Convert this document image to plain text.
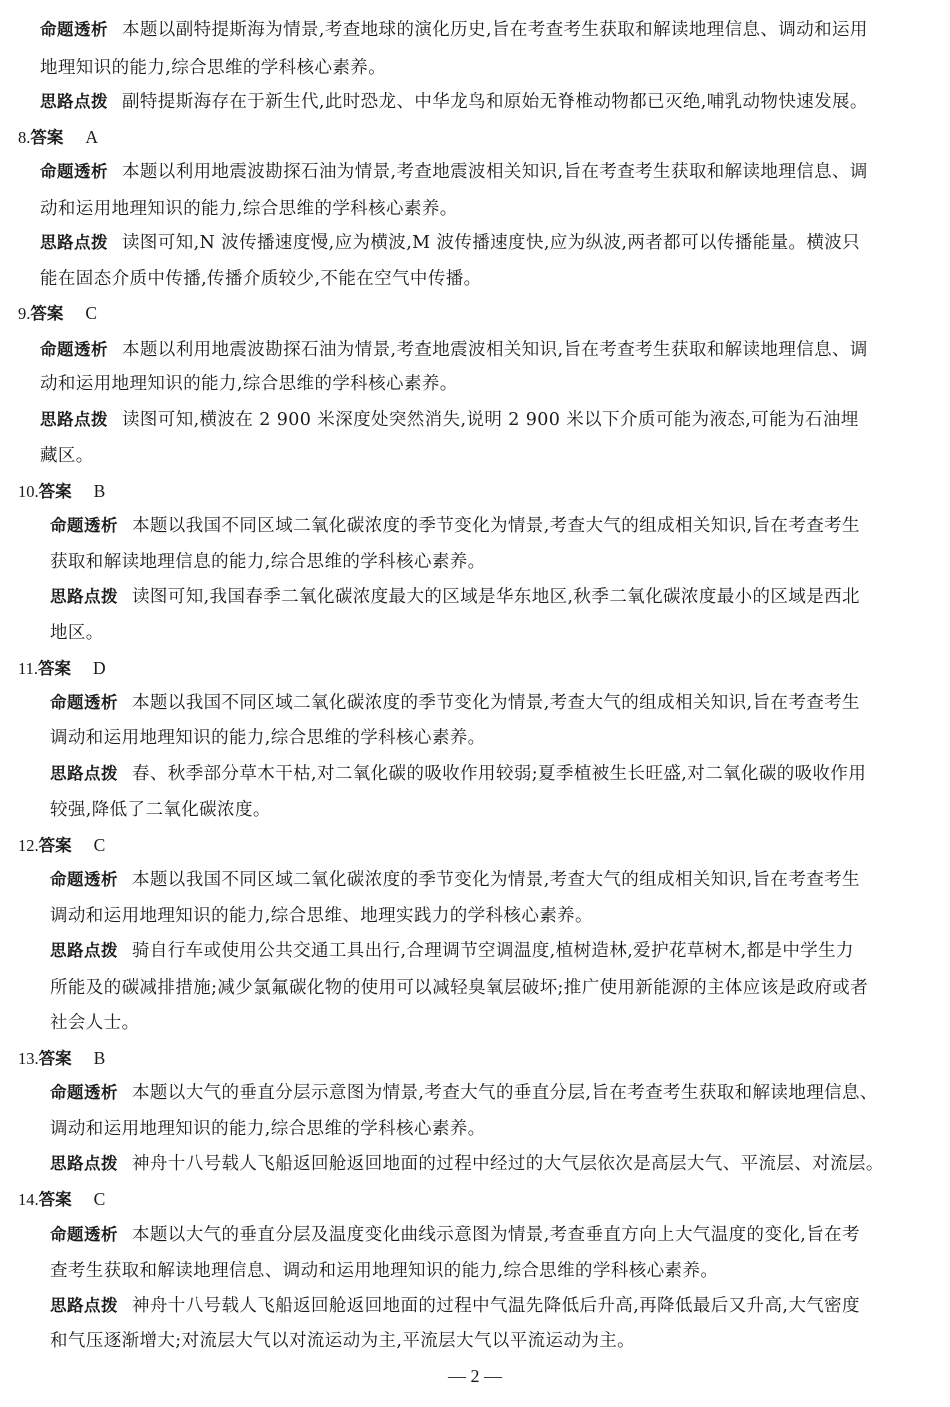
命题透析 本题以副特提斯海为情景,考查地球的演化历史,旨在考查考生获取和解读地理信息、调动和运用
地理知识的能力,综合思维的学科核心素养。
思路点拨 副特提斯海存在于新生代,此时恐龙、中华龙鸟和原始无脊椎动物都已灭绝,哺乳动物快速发展。
8.答案 A
命题透析 本题以利用地震波勘探石油为情景,考查地震波相关知识,旨在考查考生获取和解读地理信息、调
动和运用地理知识的能力,综合思维的学科核心素养。
思路点拨 读图可知,N 波传播速度慢,应为横波,M 波传播速度快,应为纵波,两者都可以传播能量。横波只
能在固态介质中传播,传播介质较少,不能在空气中传播。
9.答案 C
命题透析 本题以利用地震波勘探石油为情景,考查地震波相关知识,旨在考查考生获取和解读地理信息、调
动和运用地理知识的能力,综合思维的学科核心素养。
思路点拨 读图可知,横波在 2 900 米深度处突然消失,说明 2 900 米以下介质可能为液态,可能为石油埋
藏区。
10.答案 B
命题透析 本题以我国不同区域二氧化碳浓度的季节变化为情景,考查大气的组成相关知识,旨在考查考生
获取和解读地理信息的能力,综合思维的学科核心素养。
思路点拨 读图可知,我国春季二氧化碳浓度最大的区域是华东地区,秋季二氧化碳浓度最小的区域是西北
地区。
11.答案 D
命题透析 本题以我国不同区域二氧化碳浓度的季节变化为情景,考查大气的组成相关知识,旨在考查考生
调动和运用地理知识的能力,综合思维的学科核心素养。
思路点拨 春、秋季部分草木干枯,对二氧化碳的吸收作用较弱;夏季植被生长旺盛,对二氧化碳的吸收作用
较强,降低了二氧化碳浓度。
12.答案 C
命题透析 本题以我国不同区域二氧化碳浓度的季节变化为情景,考查大气的组成相关知识,旨在考查考生
调动和运用地理知识的能力,综合思维、地理实践力的学科核心素养。
思路点拨 骑自行车或使用公共交通工具出行,合理调节空调温度,植树造林,爱护花草树木,都是中学生力
所能及的碳减排措施;减少氯氟碳化物的使用可以减轻臭氧层破坏;推广使用新能源的主体应该是政府或者
社会人士。
13.答案 B
命题透析 本题以大气的垂直分层示意图为情景,考查大气的垂直分层,旨在考查考生获取和解读地理信息、
调动和运用地理知识的能力,综合思维的学科核心素养。
思路点拨 神舟十八号载人飞船返回舱返回地面的过程中经过的大气层依次是高层大气、平流层、对流层。
14.答案 C
命题透析 本题以大气的垂直分层及温度变化曲线示意图为情景,考查垂直方向上大气温度的变化,旨在考
查考生获取和解读地理信息、调动和运用地理知识的能力,综合思维的学科核心素养。
思路点拨 神舟十八号载人飞船返回舱返回地面的过程中气温先降低后升高,再降低最后又升高,大气密度
和气压逐渐增大;对流层大气以对流运动为主,平流层大气以平流运动为主。
— 2 —
